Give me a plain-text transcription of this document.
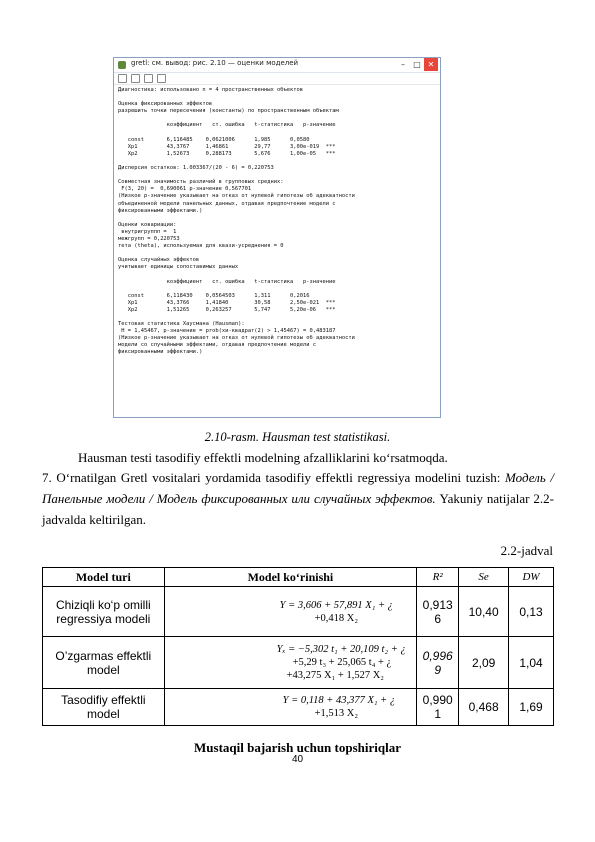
gretl: см. вывод: рис. 2.10 — оценки моделей	–	□ ✕
Диагностика: использовано n = 4 пространственных объектов

Оценка фиксированных эффектов
разрешить точки пересечения (константы) по пространственным объектам

коэффициент   ст. ошибка   t-статистика   p-значение

const       6,116485    0,0621006      1,985      0,0580
Xp1         43,3767     1,46861        29,77      3,00e-019  ***
Xp2         1,52673     0,288173       5,676      1,00e-05   ***

Дисперсия остатков: 1.003367/(20 - 6) = 0,220753

Совместная значимость различий в групповых средних:
F(3, 20) =  0,690061 р-значение 0,567701
(Низкое р-значение указывает на отказ от нулевой гипотезы об адекватности
объединенной модели панельных данных, отдавая предпочтение модели с
фиксированными эффектами.)

Оценки ковариации:
внутригруппп =  1
межгрупп = 0,220753
тета (theta), используемая для квази-усреднения = 0

Оценка случайных эффектов
учитывает единицы сопоставимых данных

коэффициент   ст. ошибка   t-статистика   p-значение

const       6,118430    0,0564503      1,311      0,2016
Xp1         43,3766     1,41840        30,58      2,50e-021  ***
Xp2         1,51265     0,263257       5,747      5,20e-06   ***

Тестовая статистика Хаусмана (Hausman):
H = 1,45467, р-значение = prob(хи-квадрат(2) > 1,45467) = 0,483187
(Низкое р-значение указывает на отказ от нулевой гипотезы об адекватности
модели со случайными эффектами, отдавая предпочтение модели с
фиксированными эффектами.)
2.10-rasm. Hausman test statistikasi.
Hausman testi tasodifiy effektli modelning afzalliklarini ko‘rsatmoqda.
7. O‘rnatilgan Gretl vositalari yordamida tasodifiy effektli regressiya modelini tuzish: Модель / Панельные модели / Модель фиксированных или случайных эффектов. Yakuniy natijalar 2.2-jadvalda keltirilgan.
2.2-jadval
Model turi	Model ko‘rinishi	R²	Se	DW
Chiziqli ko‘p omilli regressiya modeli	Y = 3,606 + 57,891 X₁ + ¿
+0,418 X₂	0,913 6	10,40	0,13
O’zgarmas effektli model	Yₓ = −5,302 t₁ + 20,109 t₂ + ¿
+5,29 t₃ + 25,065 t₄ + ¿
+43,275 X₁ + 1,527 X₂	0,996 9	2,09	1,04
Tasodifiy effektli model	Y = 0,118 + 43,377 X₁ + ¿
+1,513 X₂	0,990 1	0,468	1,69
Mustaqil bajarish uchun topshiriqlar
40
